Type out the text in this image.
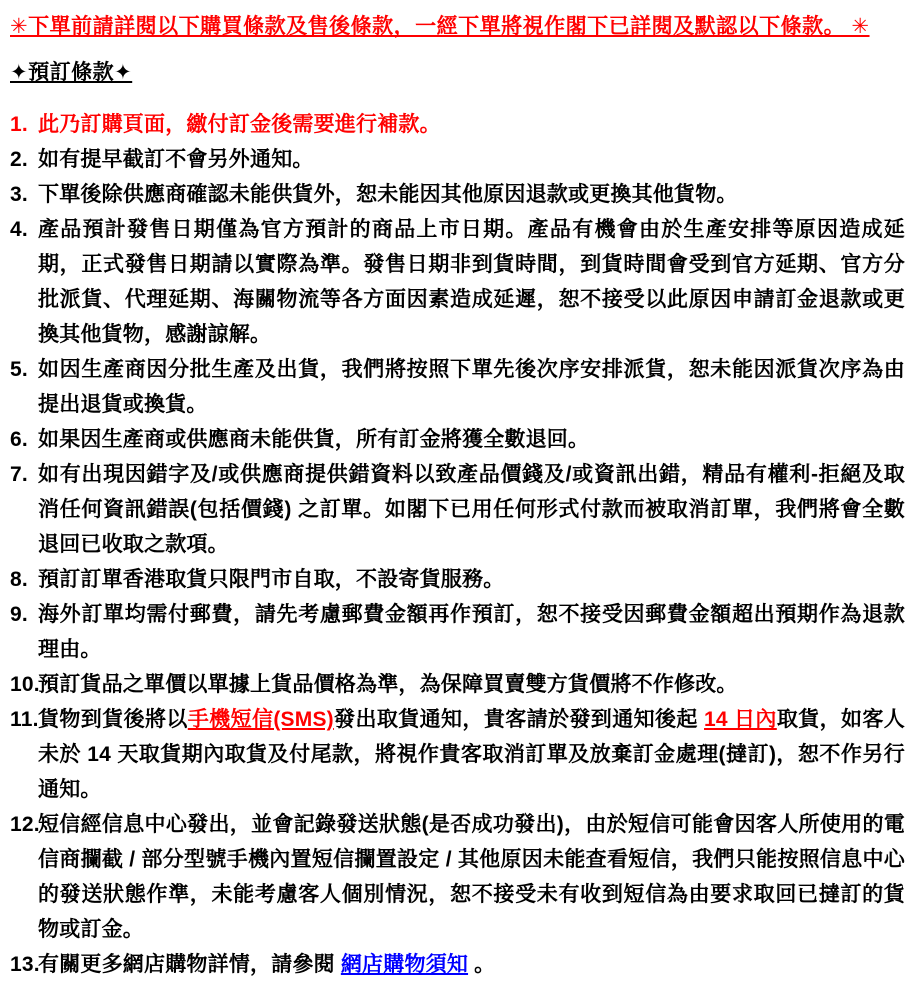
✳下單前請詳閱以下購買條款及售後條款，一經下單將視作閣下已詳閱及默認以下條款。 ✳
✦預訂條款✦
1. 此乃訂購頁面，繳付訂金後需要進行補款。
2. 如有提早截訂不會另外通知。
3. 下單後除供應商確認未能供貨外，恕未能因其他原因退款或更換其他貨物。
4. 產品預計發售日期僅為官方預計的商品上市日期。產品有機會由於生產安排等原因造成延期，正式發售日期請以實際為準。發售日期非到貨時間，到貨時間會受到官方延期、官方分批派貨、代理延期、海關物流等各方面因素造成延遲，恕不接受以此原因申請訂金退款或更換其他貨物，感謝諒解。
5. 如因生產商因分批生產及出貨，我們將按照下單先後次序安排派貨，恕未能因派貨次序為由提出退貨或換貨。
6. 如果因生產商或供應商未能供貨，所有訂金將獲全數退回。
7. 如有出現因錯字及/或供應商提供錯資料以致產品價錢及/或資訊出錯，精品有權利-拒絕及取消任何資訊錯誤(包括價錢) 之訂單。如閣下已用任何形式付款而被取消訂單，我們將會全數退回已收取之款項。
8. 預訂訂單香港取貨只限門市自取，不設寄貨服務。
9. 海外訂單均需付郵費，請先考慮郵費金額再作預訂，恕不接受因郵費金額超出預期作為退款理由。
10.
預訂貨品之單價以單據上貨品價格為準，為保障買賣雙方貨價將不作修改。
11. 貨物到貨後將以手機短信(SMS)發出取貨通知，貴客請於發到通知後起 14 日內取貨，如客人未於 14 天取貨期內取貨及付尾款，將視作貴客取消訂單及放棄訂金處理(撻訂)，恕不作另行通知。
12.
短信經信息中心發出，並會記錄發送狀態(是否成功發出)，由於短信可能會因客人所使用的電信商攔截 / 部分型號手機內置短信攔置設定 / 其他原因未能查看短信，我們只能按照信息中心的發送狀態作準，未能考慮客人個別情況，恕不接受未有收到短信為由要求取回已撻訂的貨物或訂金。
13.
有關更多網店購物詳情，請參閱 網店購物須知 。
